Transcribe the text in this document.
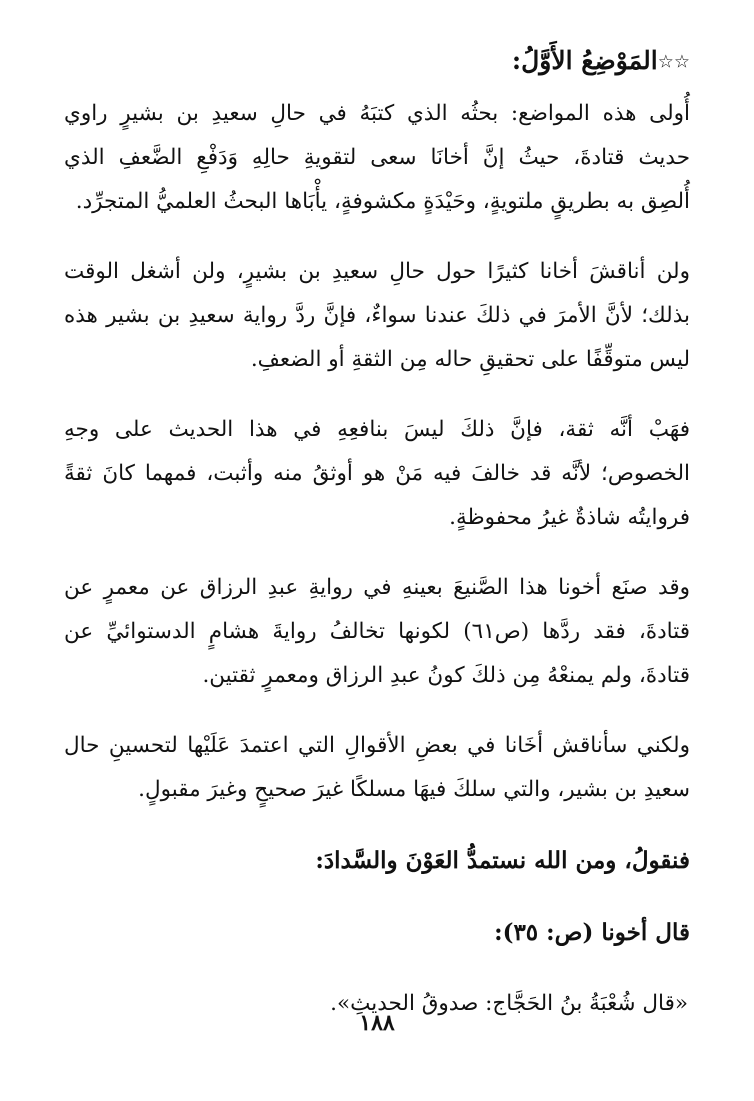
☆☆المَوْضِعُ الأَوَّلُ:
أُولى هذه المواضع: بحثُه الذي كتبَهُ في حالِ سعيدِ بن بشيرٍ راوي
حديث قتادةَ، حيثُ إنَّ أخانَا سعى لتقويةِ حالِهِ وَدَفْعِ الضَّعفِ الذي
أُلصِق به بطريقٍ ملتويةٍ، وحَيْدَةٍ مكشوفةٍ، يأْبَاها البحثُ العلميُّ المتجرِّد.
ولن أناقشَ أخانا كثيرًا حول حالِ سعيدِ بن بشيرٍ، ولن أشغل الوقت
بذلك؛ لأنَّ الأمرَ في ذلكَ عندنا سواءٌ، فإنَّ ردَّ رواية سعيدِ بن بشير هذه
ليس متوقِّفًا على تحقيقِ حاله مِن الثقةِ أو الضعفِ.
فهَبْ أنَّه ثقة، فإنَّ ذلكَ ليسَ بنافعِهِ في هذا الحديث على وجهِ
الخصوص؛ لأنَّه قد خالفَ فيه مَنْ هو أوثقُ منه وأثبت، فمهما كانَ ثقةً
فروايتُه شاذةٌ غيرُ محفوظةٍ.
وقد صنَع أخونا هذا الصَّنيعَ بعينهِ في روايةِ عبدِ الرزاق عن معمرٍ عن
قتادةَ، فقد ردَّها (ص٦١) لكونها تخالفُ روايةَ هشامٍ الدستوائيِّ عن
قتادةَ، ولم يمنعْهُ مِن ذلكَ كونُ عبدِ الرزاق ومعمرٍ ثقتين.
ولكني سأناقش أخَانا في بعضِ الأقوالِ التي اعتمدَ عَلَيْها لتحسينِ حال
سعيدِ بن بشير، والتي سلكَ فيهَا مسلكًا غيرَ صحيحٍ وغيرَ مقبولٍ.
فنقولُ، ومن الله نستمدُّ العَوْنَ والسَّدادَ:
قال أخونا (ص: ٣٥):
«قال شُعْبَةُ بنُ الحَجَّاج: صدوقُ الحديثِ».
١٨٨
